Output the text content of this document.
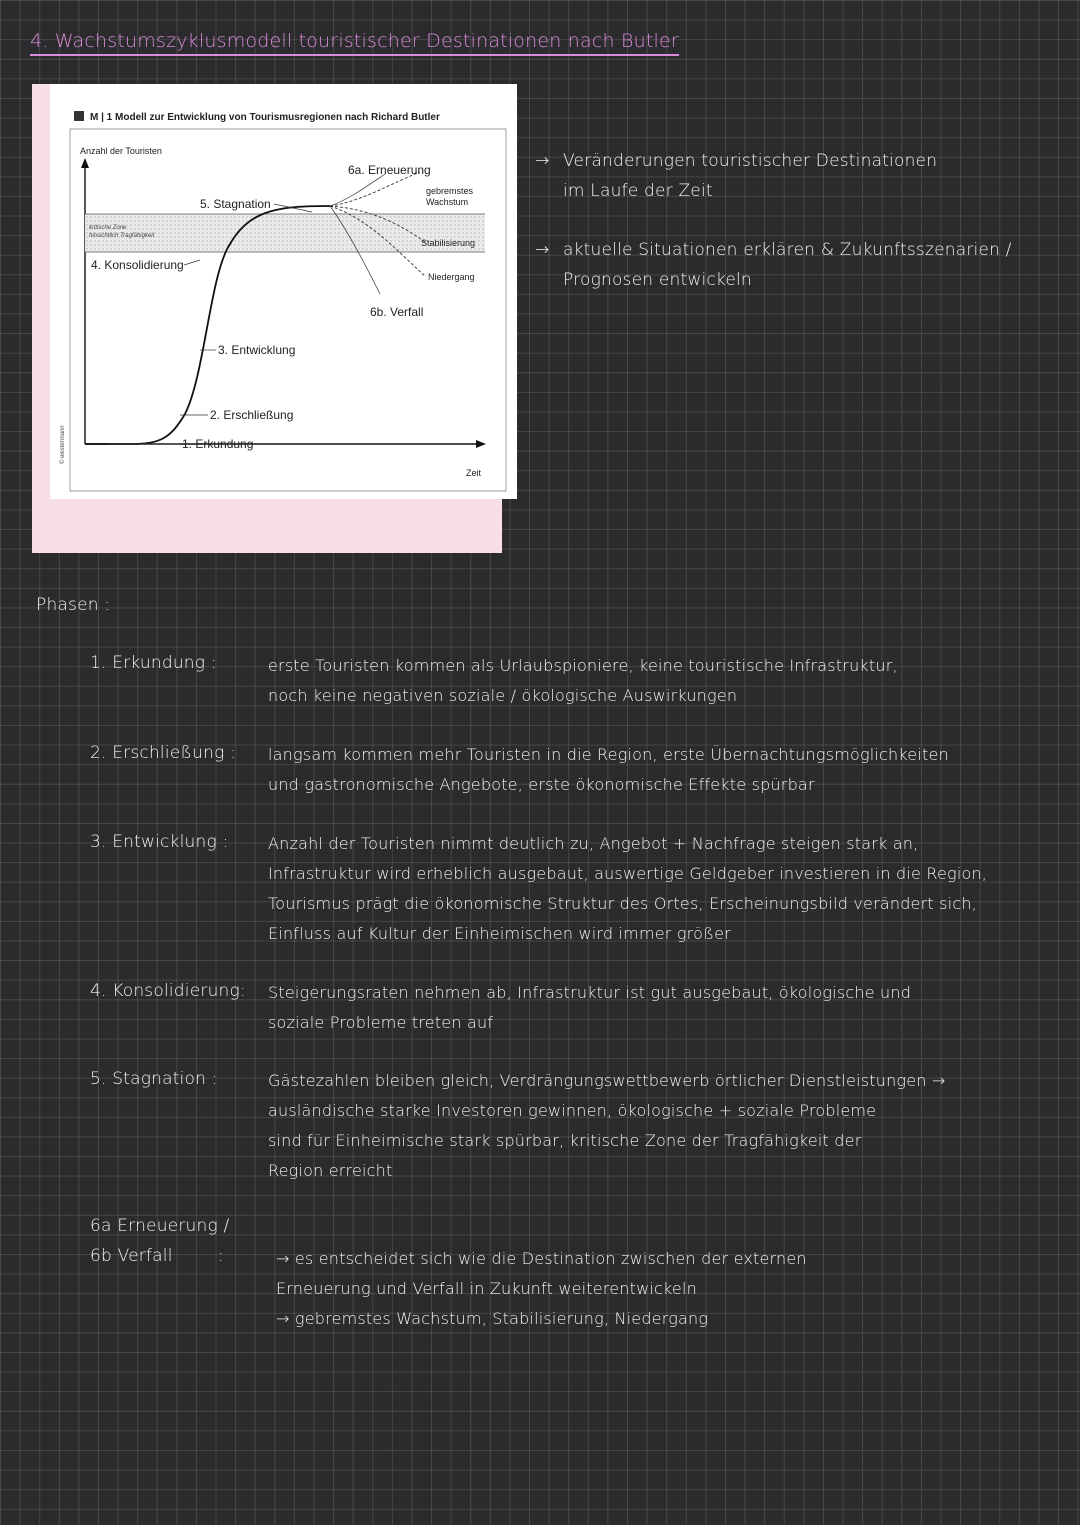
4. Wachstumszyklusmodell touristischer Destinationen nach Butler
M | 1 Modell zur Entwicklung von Tourismusregionen nach Richard Butler
© westermann
Anzahl der Touristen
Zeit
kritische Zone
hinsichtlich Tragfähigkeit
1. Erkundung
2. Erschließung
3. Entwicklung
4. Konsolidierung
5. Stagnation
6a. Erneuerung
6b. Verfall
gebremstes
Wachstum
Stabilisierung
Niedergang
→ Veränderungen touristischer Destinationen
im Laufe der Zeit
→ aktuelle Situationen erklären & Zukunftsszenarien /
Prognosen entwickeln
Phasen :
1. Erkundung :	erste Touristen kommen als Urlaubspioniere, keine touristische Infrastruktur,
noch keine negativen soziale / ökologische Auswirkungen
2. Erschließung : langsam kommen mehr Touristen in die Region, erste Übernachtungsmöglichkeiten
und gastronomische Angebote, erste ökonomische Effekte spürbar
3. Entwicklung : Anzahl der Touristen nimmt deutlich zu, Angebot + Nachfrage steigen stark an,
Infrastruktur wird erheblich ausgebaut, auswertige Geldgeber investieren in die Region,
Tourismus prägt die ökonomische Struktur des Ortes, Erscheinungsbild verändert sich,
Einfluss auf Kultur der Einheimischen wird immer größer
4. Konsolidierung: Steigerungsraten nehmen ab, Infrastruktur ist gut ausgebaut, ökologische und
soziale Probleme treten auf
5. Stagnation :	Gästezahlen bleiben gleich, Verdrängungswettbewerb örtlicher Dienstleistungen →
ausländische starke Investoren gewinnen, ökologische + soziale Probleme
sind für Einheimische stark spürbar, kritische Zone der Tragfähigkeit der
Region erreicht
6a Erneuerung /
6b Verfall	:	→ es entscheidet sich wie die Destination zwischen der externen
Erneuerung und Verfall in Zukunft weiterentwickeln
→ gebremstes Wachstum, Stabilisierung, Niedergang
